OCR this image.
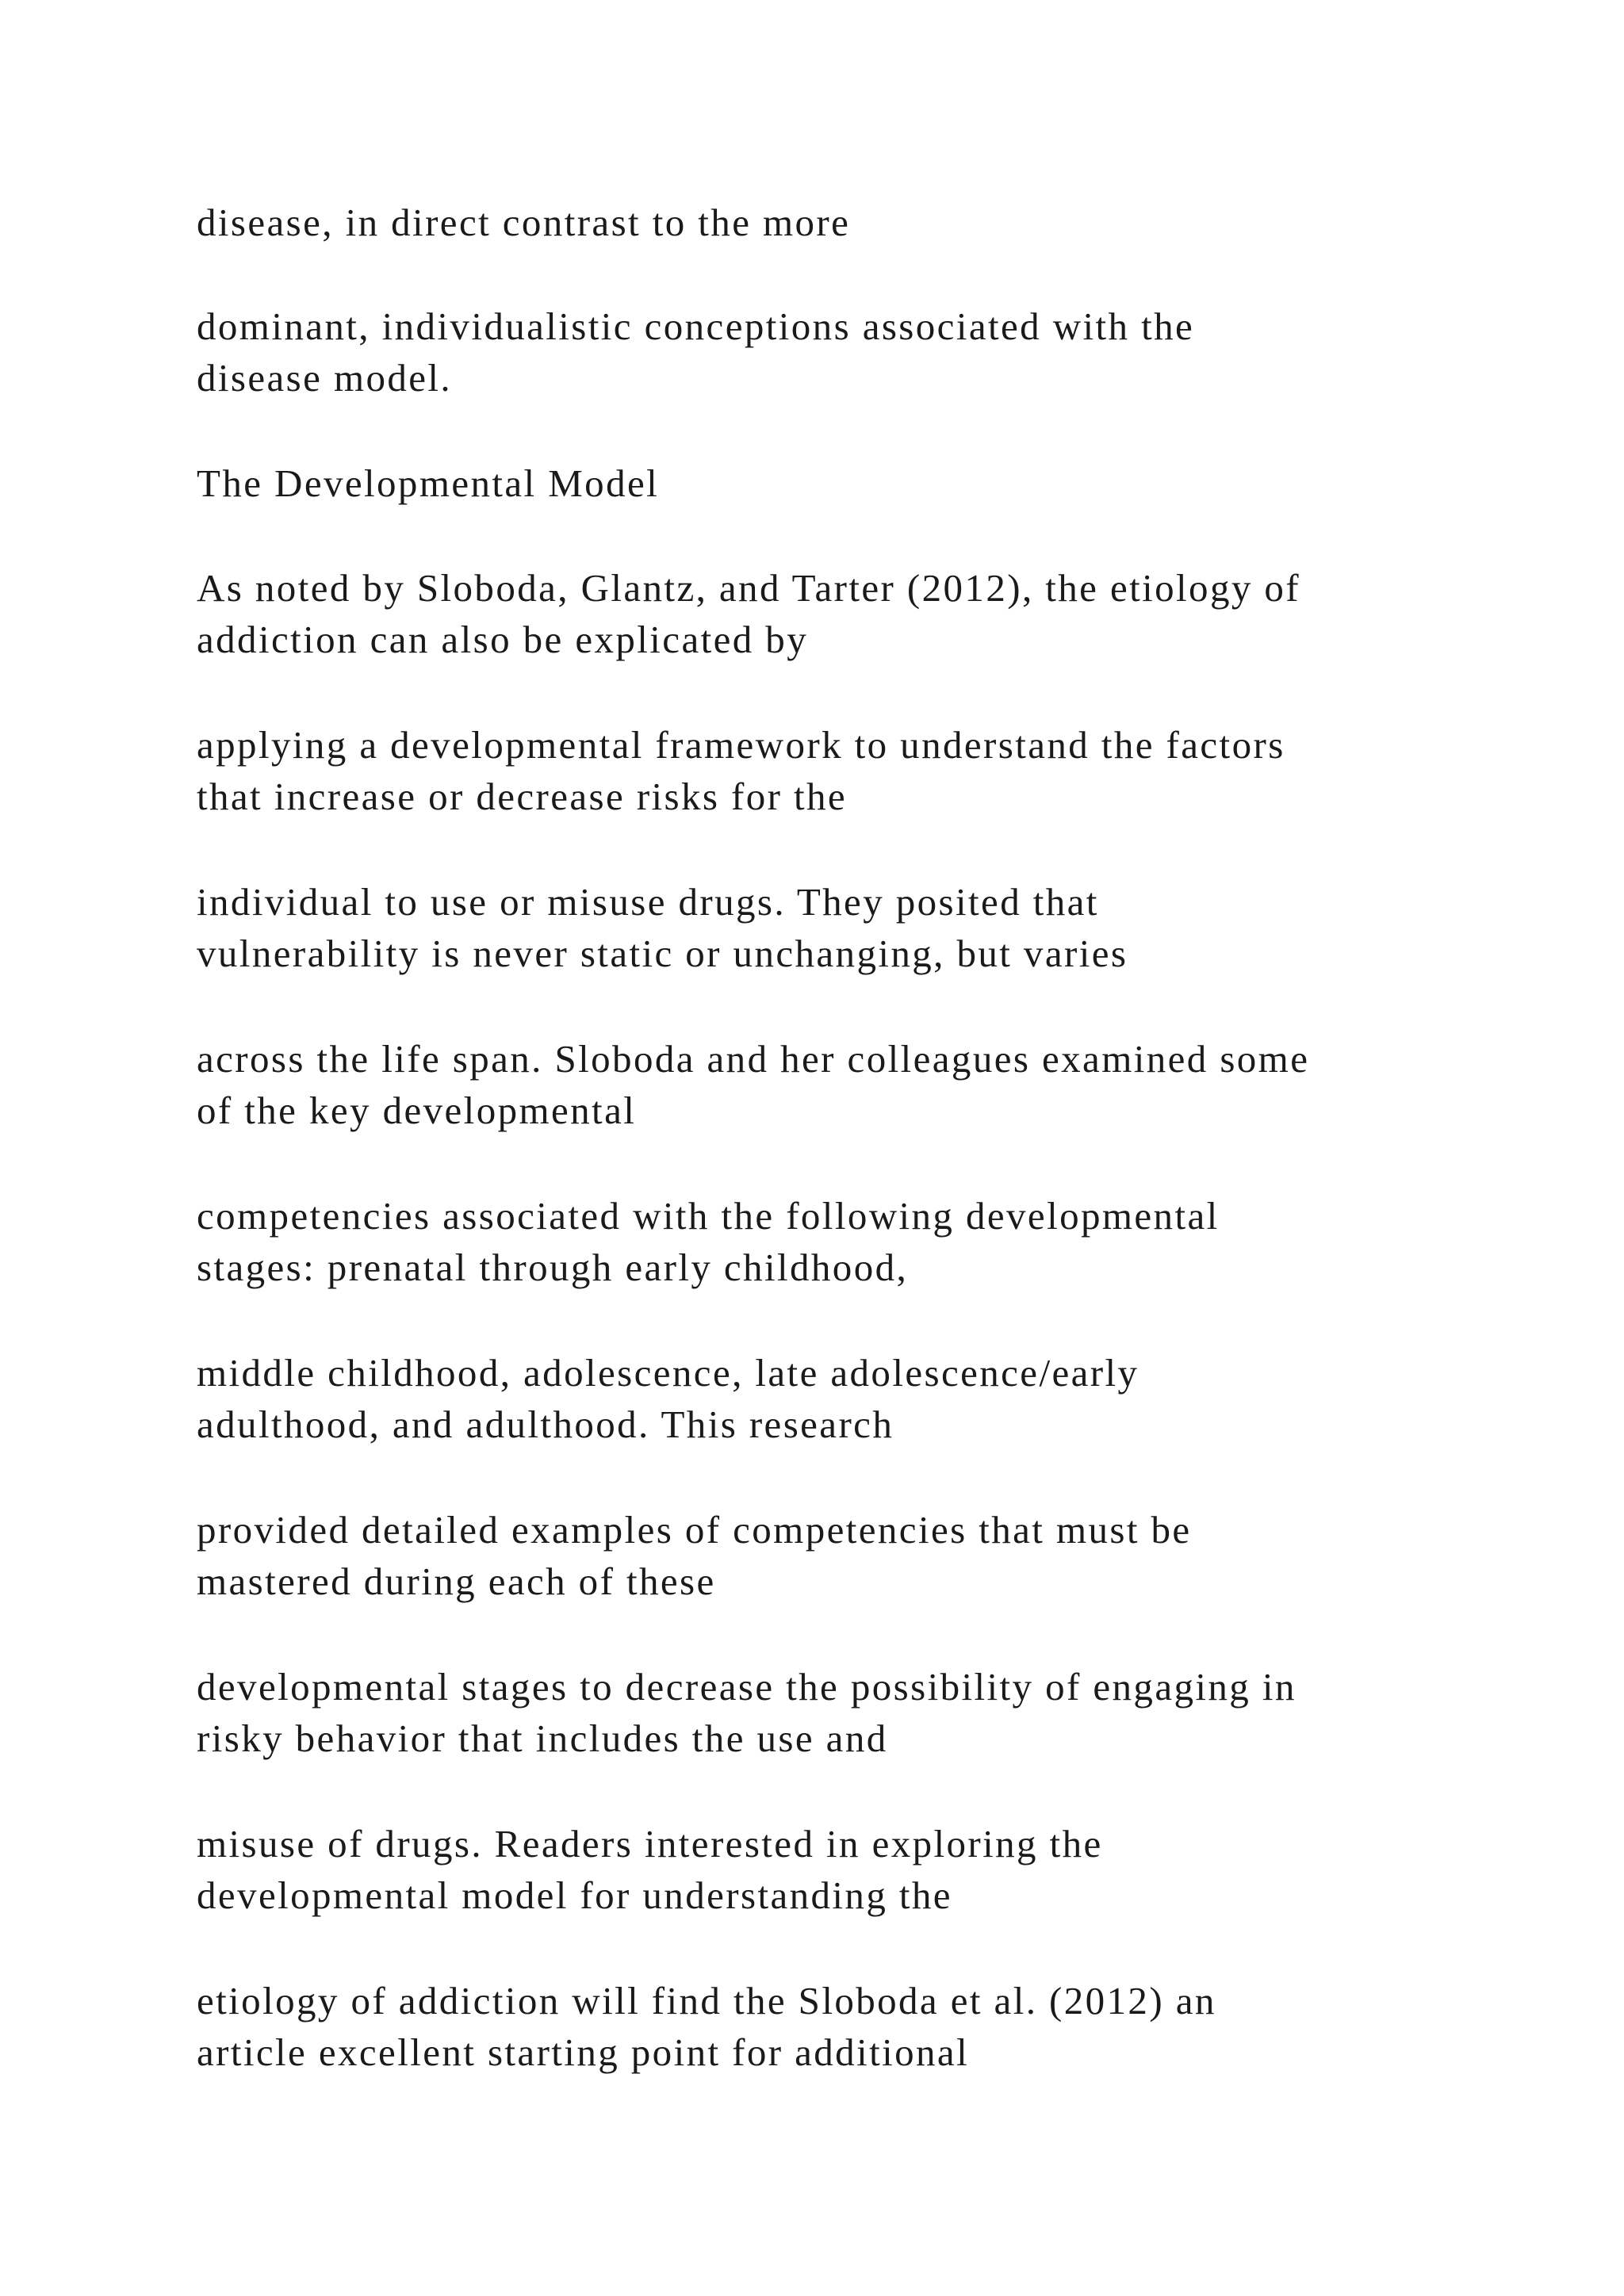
disease, in direct contrast to the more
dominant, individualistic conceptions associated with the
disease model.
The Developmental Model
As noted by Sloboda, Glantz, and Tarter (2012), the etiology of
addiction can also be explicated by
applying a developmental framework to understand the factors
that increase or decrease risks for the
individual to use or misuse drugs. They posited that
vulnerability is never static or unchanging, but varies
across the life span. Sloboda and her colleagues examined some
of the key developmental
competencies associated with the following developmental
stages: prenatal through early childhood,
middle childhood, adolescence, late adolescence/early
adulthood, and adulthood. This research
provided detailed examples of competencies that must be
mastered during each of these
developmental stages to decrease the possibility of engaging in
risky behavior that includes the use and
misuse of drugs. Readers interested in exploring the
developmental model for understanding the
etiology of addiction will find the Sloboda et al. (2012) an
article excellent starting point for additional
